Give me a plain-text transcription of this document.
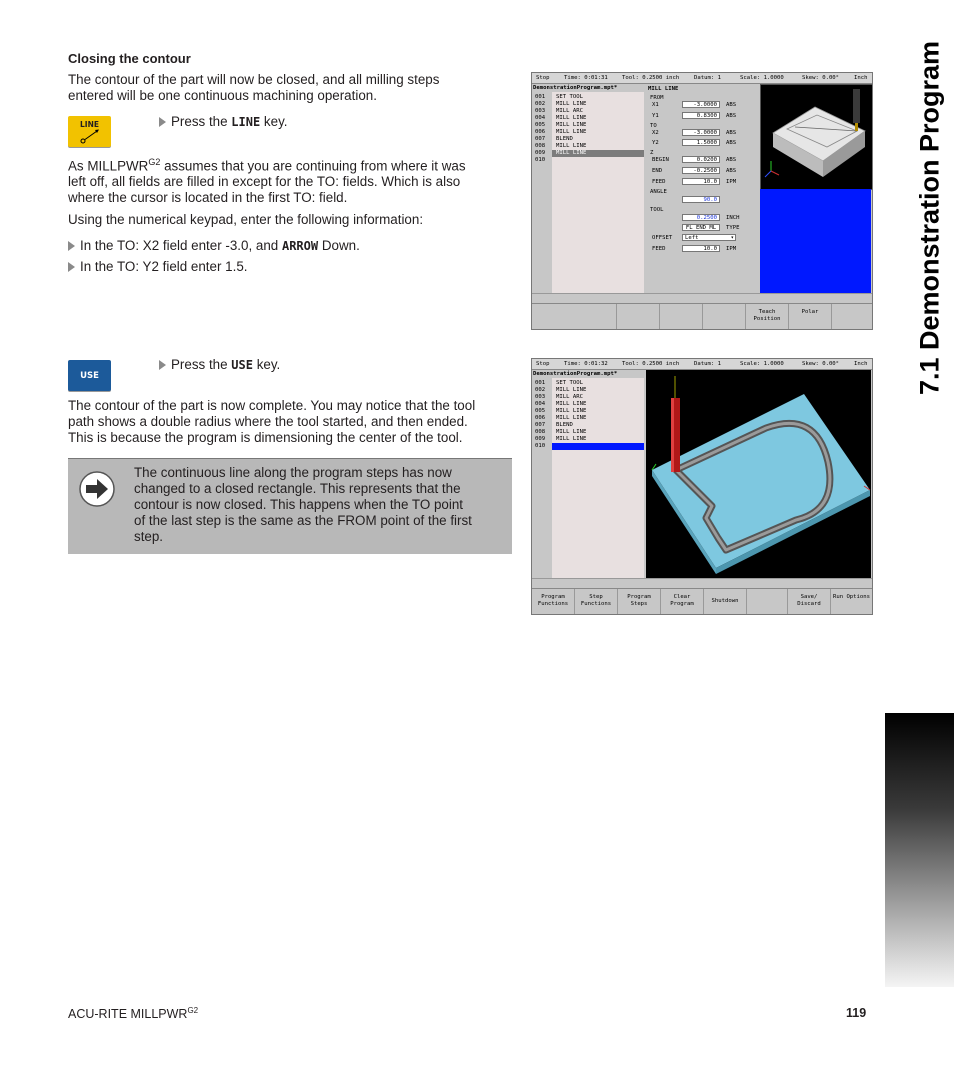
Closing the contour
The contour of the part will now be closed, and all milling steps
entered will be one continuous machining operation.
LINE	Press the LINE key.
As $MILLPWR^{G2}$ assumes that you are continuing from where it was
left off, all fields are filled in except for the TO: fields. Which is also
where the cursor is located in the first TO: field.
Using the numerical keypad, enter the following information:
In the TO: X2 field enter -3.0, and ARROW Down.
In the TO: Y2 field enter 1.5.
USE
Press the USE key.
The contour of the part is now complete. You may notice that the tool
path shows a double radius where the tool started, and then ended.
This is because the program is dimensioning the center of the tool.
The continuous line along the program steps has now
changed to a closed rectangle. This represents that the
contour is now closed. This happens when the TO point
of the last step is the same as the FROM point of the first
step.
Stop	Time: 0:01:31	Tool: 0.2500 inch	Datum: 1	Scale: 1.0000	Skew: 0.00°	Inch
DemonstrationProgram.mpt*
001 SET TOOL
002 MILL LINE
003 MILL ARC
004 MILL LINE
005 MILL LINE
006 MILL LINE
007 BLEND
008 MILL LINE
009 MILL LINE
010
MILL LINE
FROM
X1	-3.0000	ABS
Y1	0.8300	ABS
TO
X2	-3.0000	ABS
Y2	1.5000	ABS
Z
BEGIN	0.0200	ABS
END	-0.2500	ABS
FEED	10.0	IPM
ANGLE
90.0
TOOL
0.2500	INCH
FL END ML	TYPE
OFFSET	Left	▾
FEED	10.0	IPM
Teach Position
Polar
Stop	Time: 0:01:32	Tool: 0.2500 inch	Datum: 1	Scale: 1.0000	Skew: 0.00°	Inch
DemonstrationProgram.mpt*
001 SET TOOL
002 MILL LINE
003 MILL ARC
004 MILL LINE
005 MILL LINE
006 MILL LINE
007 BLEND
008 MILL LINE
009 MILL LINE
010
Program Functions
Step Functions
Program Steps
Clear Program	Shutdown
Save/ Discard
Run Options
7.1 Demonstration Program
ACU-RITE $MILLPWR^{G2}$	119
